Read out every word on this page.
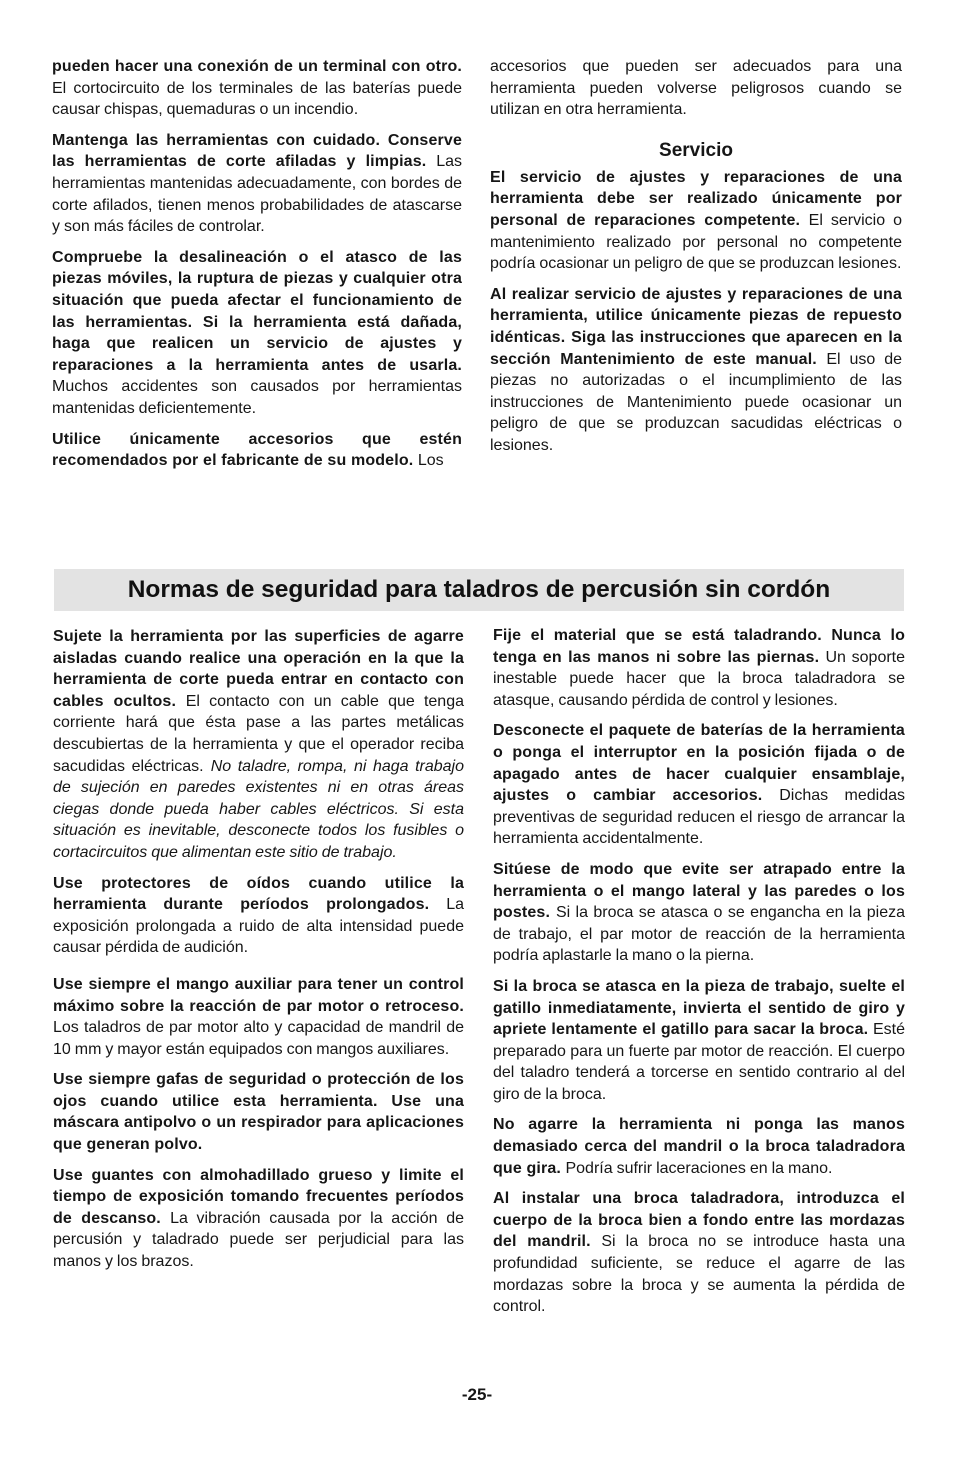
pueden hacer una conexión de un terminal con otro. El cortocircuito de los terminales de las baterías puede causar chispas, quemaduras o un incendio.

Mantenga las herramientas con cuidado. Conserve las herramientas de corte afiladas y limpias. Las herramientas mantenidas adecuadamente, con bordes de corte afilados, tienen menos probabilidades de atascarse y son más fáciles de controlar.

Compruebe la desalineación o el atasco de las piezas móviles, la ruptura de piezas y cualquier otra situación que pueda afectar el funcionamiento de las herramientas. Si la herramienta está dañada, haga que realicen un servicio de ajustes y reparaciones a la herramienta antes de usarla. Muchos accidentes son causados por herramientas mantenidas deficientemente.

Utilice únicamente accesorios que estén recomendados por el fabricante de su modelo. Los

accesorios que pueden ser adecuados para una herramienta pueden volverse peligrosos cuando se utilizan en otra herramienta.

Servicio

El servicio de ajustes y reparaciones de una herramienta debe ser realizado únicamente por personal de reparaciones competente. El servicio o mantenimiento realizado por personal no competente podría ocasionar un peligro de que se produzcan lesiones.

Al realizar servicio de ajustes y reparaciones de una herramienta, utilice únicamente piezas de repuesto idénticas. Siga las instrucciones que aparecen en la sección Mantenimiento de este manual. El uso de piezas no autorizadas o el incumplimiento de las instrucciones de Mantenimiento puede ocasionar un peligro de que se produzcan sacudidas eléctricas o lesiones.

Normas de seguridad para taladros de percusión sin cordón

Sujete la herramienta por las superficies de agarre aisladas cuando realice una operación en la que la herramienta de corte pueda entrar en contacto con cables ocultos. El contacto con un cable que tenga corriente hará que ésta pase a las partes metálicas descubiertas de la herramienta y que el operador reciba sacudidas eléctricas. No taladre, rompa, ni haga trabajo de sujeción en paredes existentes ni en otras áreas ciegas donde pueda haber cables eléctricos. Si esta situación es inevitable, desconecte todos los fusibles o cortacircuitos que alimentan este sitio de trabajo.

Use protectores de oídos cuando utilice la herramienta durante períodos prolongados. La exposición prolongada a ruido de alta intensidad puede causar pérdida de audición.

Use siempre el mango auxiliar para tener un control máximo sobre la reacción de par motor o retroceso. Los taladros de par motor alto y capacidad de mandril de 10 mm y mayor están equipados con mangos auxiliares.

Use siempre gafas de seguridad o protección de los ojos cuando utilice esta herramienta. Use una máscara antipolvo o un respirador para aplicaciones que generan polvo.

Use guantes con almohadillado grueso y limite el tiempo de exposición tomando frecuentes períodos de descanso. La vibración causada por la acción de percusión y taladrado puede ser perjudicial para las manos y los brazos.

Fije el material que se está taladrando. Nunca lo tenga en las manos ni sobre las piernas. Un soporte inestable puede hacer que la broca taladradora se atasque, causando pérdida de control y lesiones.

Desconecte el paquete de baterías de la herramienta o ponga el interruptor en la posición fijada o de apagado antes de hacer cualquier ensamblaje, ajustes o cambiar accesorios. Dichas medidas preventivas de seguridad reducen el riesgo de arrancar la herramienta accidentalmente.

Sitúese de modo que evite ser atrapado entre la herramienta o el mango lateral y las paredes o los postes. Si la broca se atasca o se engancha en la pieza de trabajo, el par motor de reacción de la herramienta podría aplastarle la mano o la pierna.

Si la broca se atasca en la pieza de trabajo, suelte el gatillo inmediatamente, invierta el sentido de giro y apriete lentamente el gatillo para sacar la broca. Esté preparado para un fuerte par motor de reacción. El cuerpo del taladro tenderá a torcerse en sentido contrario al del giro de la broca.

No agarre la herramienta ni ponga las manos demasiado cerca del mandril o la broca taladradora que gira. Podría sufrir laceraciones en la mano.

Al instalar una broca taladradora, introduzca el cuerpo de la broca bien a fondo entre las mordazas del mandril. Si la broca no se introduce hasta una profundidad suficiente, se reduce el agarre de las mordazas sobre la broca y se aumenta la pérdida de control.

-25-
